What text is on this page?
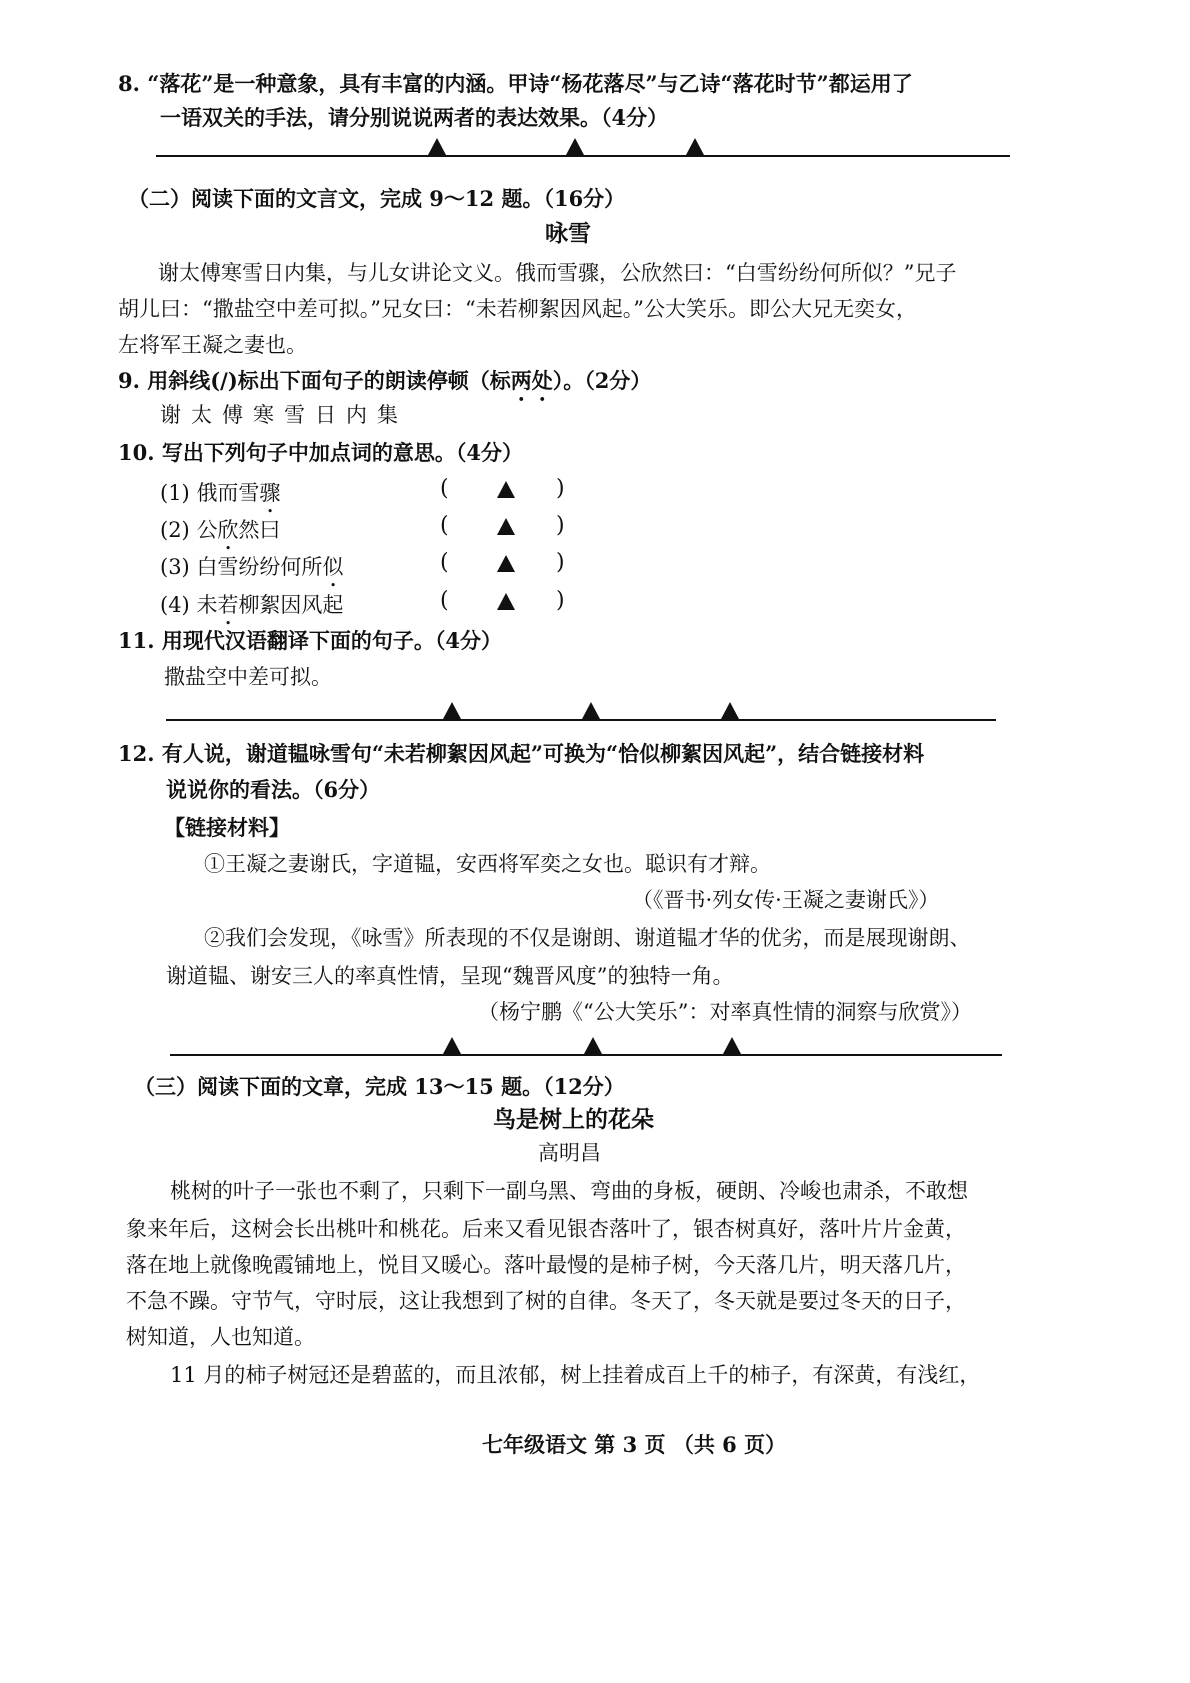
8. “落花”是一种意象，具有丰富的内涵。甲诗“杨花落尽”与乙诗“落花时节”都运用了
一语双关的手法，请分别说说两者的表达效果。（4分）
（二）阅读下面的文言文，完成 9～12 题。（16分）
咏雪
谢太傅寒雪日内集，与儿女讲论文义。俄而雪骤，公欣然曰：“白雪纷纷何所似？”兄子
胡儿曰：“撒盐空中差可拟。”兄女曰：“未若柳絮因风起。”公大笑乐。即公大兄无奕女，
左将军王凝之妻也。
9. 用斜线(/)标出下面句子的朗读停顿（标两处）。（2分）
谢太傅寒雪日内集
10. 写出下列句子中加点词的意思。（4分）
(1) 俄而雪骤	(	)
(2) 公欣然曰	(	)
(3) 白雪纷纷何所似	(	)
(4) 未若柳絮因风起	(	)
11. 用现代汉语翻译下面的句子。（4分）
撒盐空中差可拟。
12. 有人说，谢道韫咏雪句“未若柳絮因风起”可换为“恰似柳絮因风起”，结合链接材料
说说你的看法。（6分）
【链接材料】
①王凝之妻谢氏，字道韫，安西将军奕之女也。聪识有才辩。
（《晋书·列女传·王凝之妻谢氏》）
②我们会发现，《咏雪》所表现的不仅是谢朗、谢道韫才华的优劣，而是展现谢朗、
谢道韫、谢安三人的率真性情，呈现“魏晋风度”的独特一角。
（杨宁鹏《“公大笑乐”：对率真性情的洞察与欣赏》）
（三）阅读下面的文章，完成 13～15 题。（12分）
鸟是树上的花朵
高明昌
桃树的叶子一张也不剩了，只剩下一副乌黑、弯曲的身板，硬朗、冷峻也肃杀，不敢想
象来年后，这树会长出桃叶和桃花。后来又看见银杏落叶了，银杏树真好，落叶片片金黄，
落在地上就像晚霞铺地上，悦目又暖心。落叶最慢的是柿子树，今天落几片，明天落几片，
不急不躁。守节气，守时辰，这让我想到了树的自律。冬天了，冬天就是要过冬天的日子，
树知道，人也知道。
11 月的柿子树冠还是碧蓝的，而且浓郁，树上挂着成百上千的柿子，有深黄，有浅红，
七年级语文 第 3 页 （共 6 页）
